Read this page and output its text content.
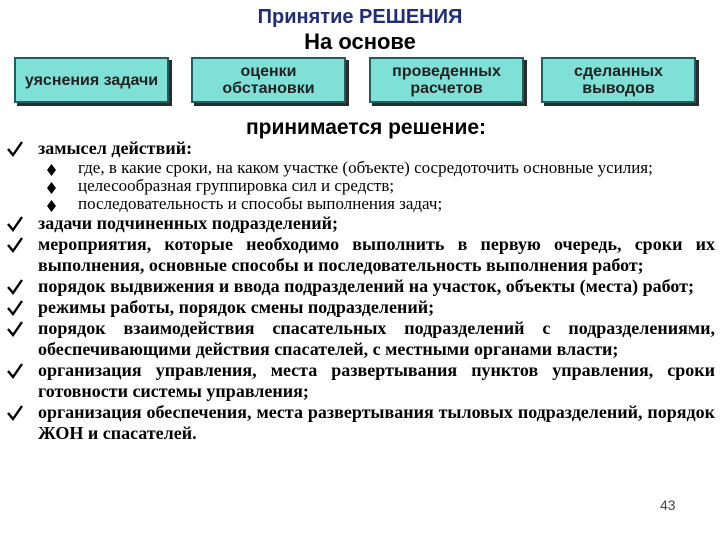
Принятие РЕШЕНИЯ
На основе
уяснения задачи	оценки обстановки
проведенных расчетов
сделанных выводов
принимается решение:
замысел действий:
где, в какие сроки, на каком участке (объекте) сосредоточить основные усилия;
целесообразная группировка сил и средств;
последовательность и способы выполнения задач;
задачи подчиненных подразделений;
мероприятия, которые необходимо выполнить в первую очередь, сроки их выполнения, основные способы и последовательность выполнения работ;
порядок выдвижения и ввода подразделений на участок, объекты (места) работ;
режимы работы, порядок смены подразделений;
порядок взаимодействия спасательных подразделений с подразделениями, обеспечивающими действия спасателей, с местными органами власти;
организация управления, места развертывания пунктов управления, сроки готовности системы управления;
организация обеспечения, места развертывания тыловых подразделений, порядок ЖОН и спасателей.
43
